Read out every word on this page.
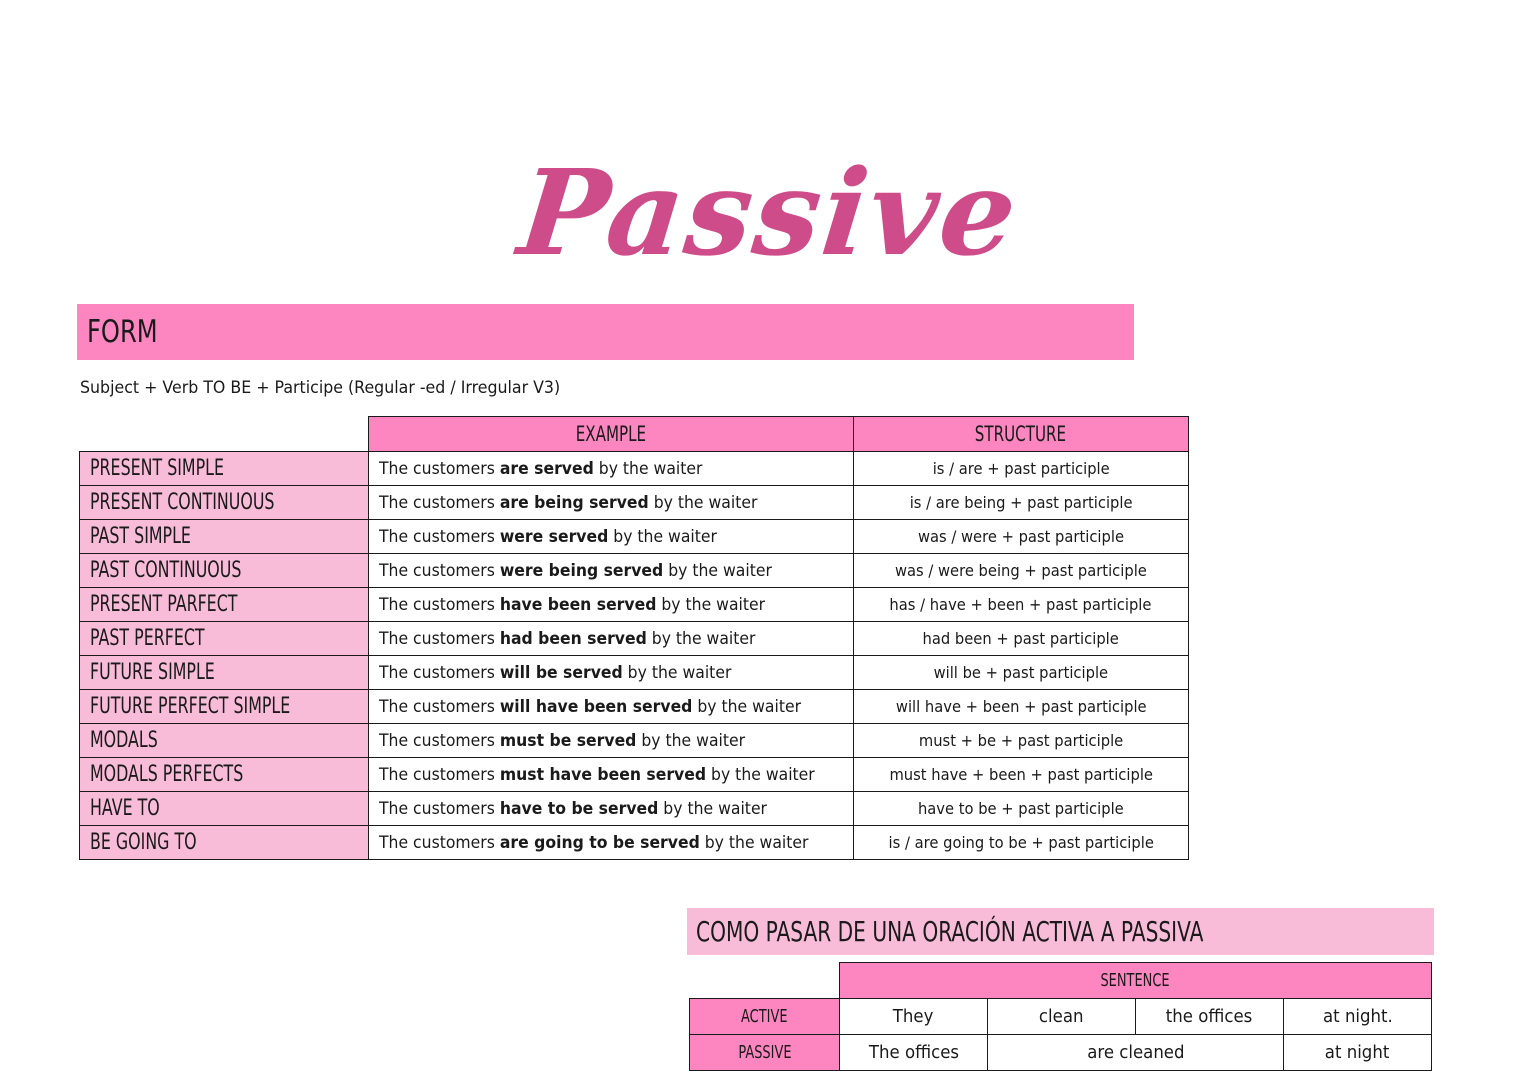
Passive
FORM
Subject + Verb TO BE + Participe (Regular -ed / Irregular V3)
	EXAMPLE	STRUCTURE
PRESENT SIMPLE	The customers are served by the waiter	is / are + past participle
PRESENT CONTINUOUS	The customers are being served by the waiter	is / are being + past participle
PAST SIMPLE	The customers were served by the waiter	was / were + past participle
PAST CONTINUOUS	The customers were being served by the waiter	was / were being + past participle
PRESENT PARFECT	The customers have been served by the waiter	has / have + been + past participle
PAST PERFECT	The customers had been served by the waiter	had been + past participle
FUTURE SIMPLE	The customers will be served by the waiter	will be + past participle
FUTURE PERFECT SIMPLE	The customers will have been served by the waiter	will have + been + past participle
MODALS	The customers must be served by the waiter	must + be + past participle
MODALS PERFECTS	The customers must have been served by the waiter	must have + been + past participle
HAVE TO	The customers have to be served by the waiter	have to be + past participle
BE GOING TO	The customers are going to be served by the waiter	is / are going to be + past participle
COMO PASAR DE UNA ORACIÓN ACTIVA A PASSIVA
	SENTENCE			
ACTIVE	They	clean	the offices	at night.
PASSIVE	The offices	are cleaned		at night
